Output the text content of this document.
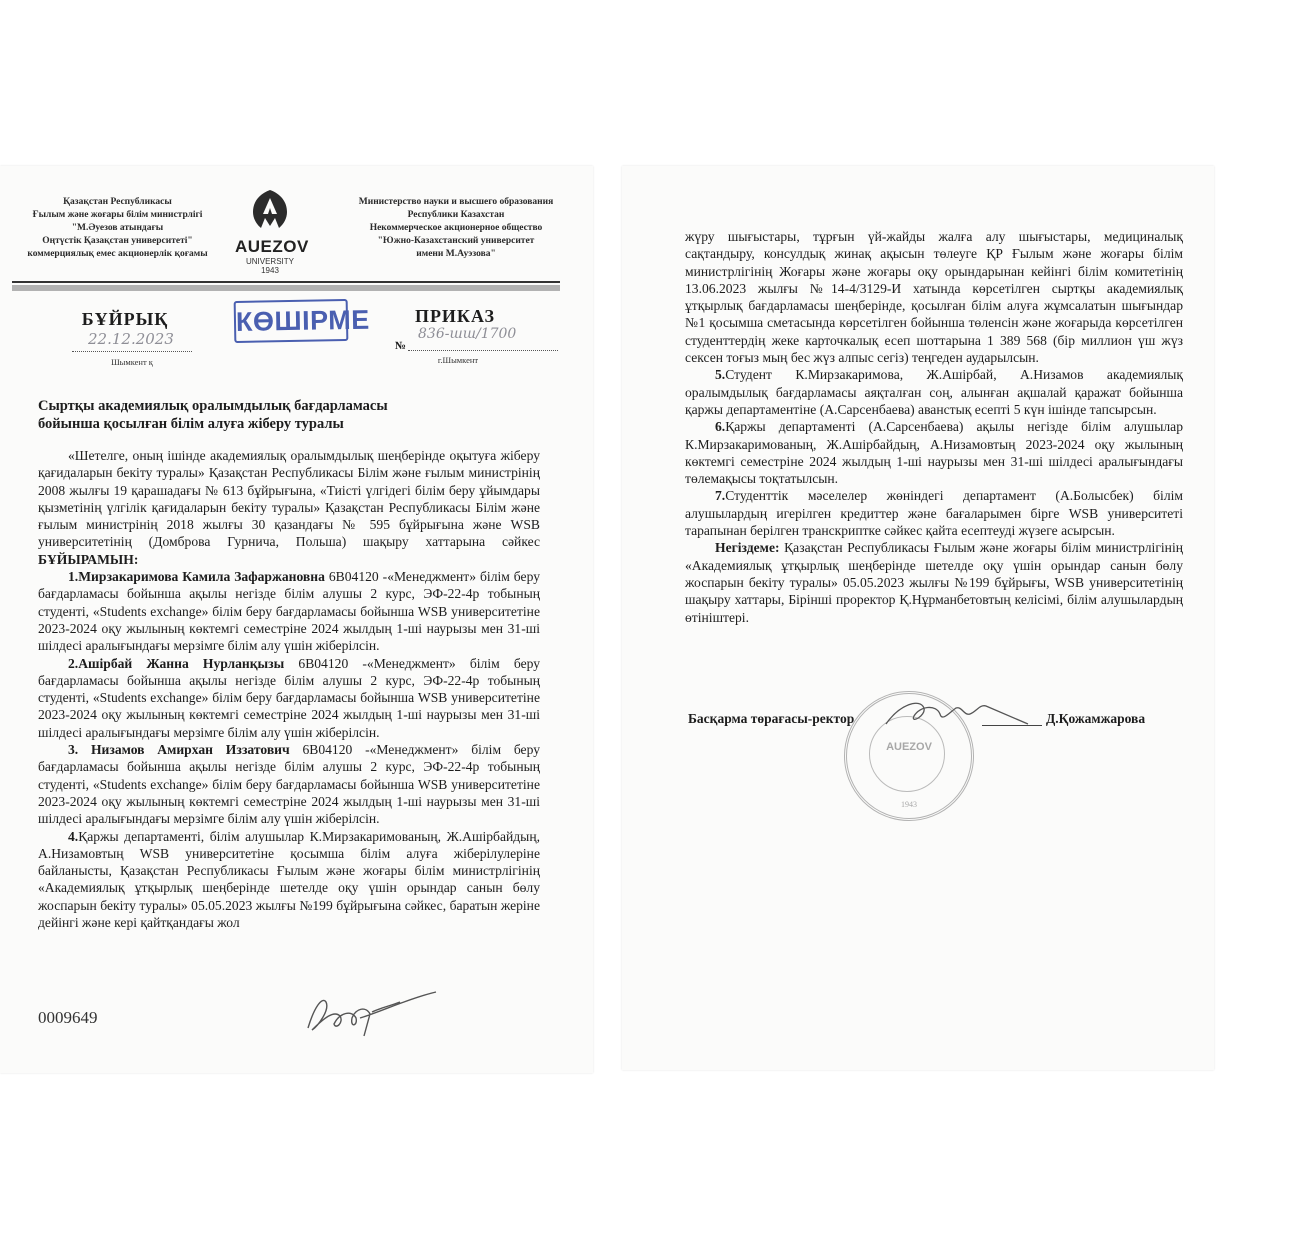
Қазақстан Республикасы
Ғылым және жоғары білім министрлігі
"М.Әуезов атындағы
Оңтүстік Қазақстан университеті"
коммерциялық емес акционерлік қоғамы	AUEZOV
UNIVERSITY
1943
Министерство науки и высшего образования
Республики Казахстан
Некоммерческое акционерное общество
"Южно-Казахстанский университет
имени М.Ауэзова"
БҰЙРЫҚ	КӨШІРМЕ	ПРИКАЗ
22.12.2023
Шымкент қ
№
836-шш/1700
г.Шымкент
Сыртқы академиялық оралымдылық бағдарламасы
бойынша қосылған білім алуға жіберу туралы

«Шетелге, оның ішінде академиялық оралымдылық шеңберінде оқытуға жіберу қағидаларын бекіту туралы» Қазақстан Республикасы Білім және ғылым министрінің 2008 жылғы 19 қарашадағы № 613 бұйрығына, «Тиісті үлгідегі білім беру ұйымдары қызметінің үлгілік қағидаларын бекіту туралы» Қазақстан Республикасы Білім және ғылым министрінің 2018 жылғы 30 қазандағы № 595 бұйрығына және WSB университетінің (Домброва Гурнича, Польша) шақыру хаттарына сәйкес БҰЙЫРАМЫН:

1.Мирзакаримова Камила Зафаржановна 6В04120 -«Менеджмент» білім беру бағдарламасы бойынша ақылы негізде білім алушы 2 курс, ЭФ-22-4р тобының студенті, «Students exchange» білім беру бағдарламасы бойынша WSB университетіне 2023-2024 оқу жылының көктемгі семестріне 2024 жылдың 1-ші наурызы мен 31-ші шілдесі аралығындағы мерзімге білім алу үшін жіберілсін.

2.Ашірбай Жанна Нурланқызы 6В04120 -«Менеджмент» білім беру бағдарламасы бойынша ақылы негізде білім алушы 2 курс, ЭФ-22-4р тобының студенті, «Students exchange» білім беру бағдарламасы бойынша WSB университетіне 2023-2024 оқу жылының көктемгі семестріне 2024 жылдың 1-ші наурызы мен 31-ші шілдесі аралығындағы мерзімге білім алу үшін жіберілсін.

3. Низамов Амирхан Иззатович 6В04120 -«Менеджмент» білім беру бағдарламасы бойынша ақылы негізде білім алушы 2 курс, ЭФ-22-4р тобының студенті, «Students exchange» білім беру бағдарламасы бойынша WSB университетіне 2023-2024 оқу жылының көктемгі семестріне 2024 жылдың 1-ші наурызы мен 31-ші шілдесі аралығындағы мерзімге білім алу үшін жіберілсін.

4.Қаржы департаменті, білім алушылар К.Мирзакаримованың, Ж.Ашірбайдың, А.Низамовтың WSB университетіне қосымша білім алуға жіберілулеріне байланысты, Қазақстан Республикасы Ғылым және жоғары білім министрлігінің «Академиялық ұтқырлық шеңберінде шетелде оқу үшін орындар санын бөлу жоспарын бекіту туралы» 05.05.2023 жылғы №199 бұйрығына сәйкес, баратын жеріне дейінгі және кері қайтқандағы жол

0009649

жүру шығыстары, тұрғын үй-жайды жалға алу шығыстары, медициналық сақтандыру, консулдық жинақ ақысын төлеуге ҚР Ғылым және жоғары білім министрлігінің Жоғары және жоғары оқу орындарынан кейінгі білім комитетінің 13.06.2023 жылғы №14-4/3129-И хатында көрсетілген сыртқы академиялық ұтқырлық бағдарламасы шеңберінде, қосылған білім алуға жұмсалатын шығындар №1 қосымша сметасында көрсетілген бойынша төленсін және жоғарыда көрсетілген студенттердің жеке карточкалық есеп шоттарына 1 389 568 (бір миллион үш жүз сексен тоғыз мың бес жүз алпыс сегіз) теңгеден аударылсын.

5.Студент К.Мирзакаримова, Ж.Ашірбай, А.Низамов академиялық оралымдылық бағдарламасы аяқталған соң, алынған ақшалай қаражат бойынша қаржы департаментіне (А.Сарсенбаева) аванстық есепті 5 күн ішінде тапсырсын.

6.Қаржы департаменті (А.Сарсенбаева) ақылы негізде білім алушылар К.Мирзакаримованың, Ж.Ашірбайдың, А.Низамовтың 2023-2024 оқу жылының көктемгі семестріне 2024 жылдың 1-ші наурызы мен 31-ші шілдесі аралығындағы төлемақысы тоқтатылсын.

7.Студенттік мәселелер жөніндегі департамент (А.Болысбек) білім алушылардың игерілген кредиттер және бағаларымен бірге WSB университеті тарапынан берілген транскриптке сәйкес қайта есептеуді жүзеге асырсын.

Негіздеме: Қазақстан Республикасы Ғылым және жоғары білім министрлігінің «Академиялық ұтқырлық шеңберінде шетелде оқу үшін орындар санын бөлу жоспарын бекіту туралы» 05.05.2023 жылғы №199 бұйрығы, WSB университетінің шақыру хаттары, Бірінші проректор Қ.Нұрманбетовтың келісімі, білім алушылардың өтініштері.

AUEZOV
1943
Басқарма төрағасы-ректор	Д.Қожамжарова
